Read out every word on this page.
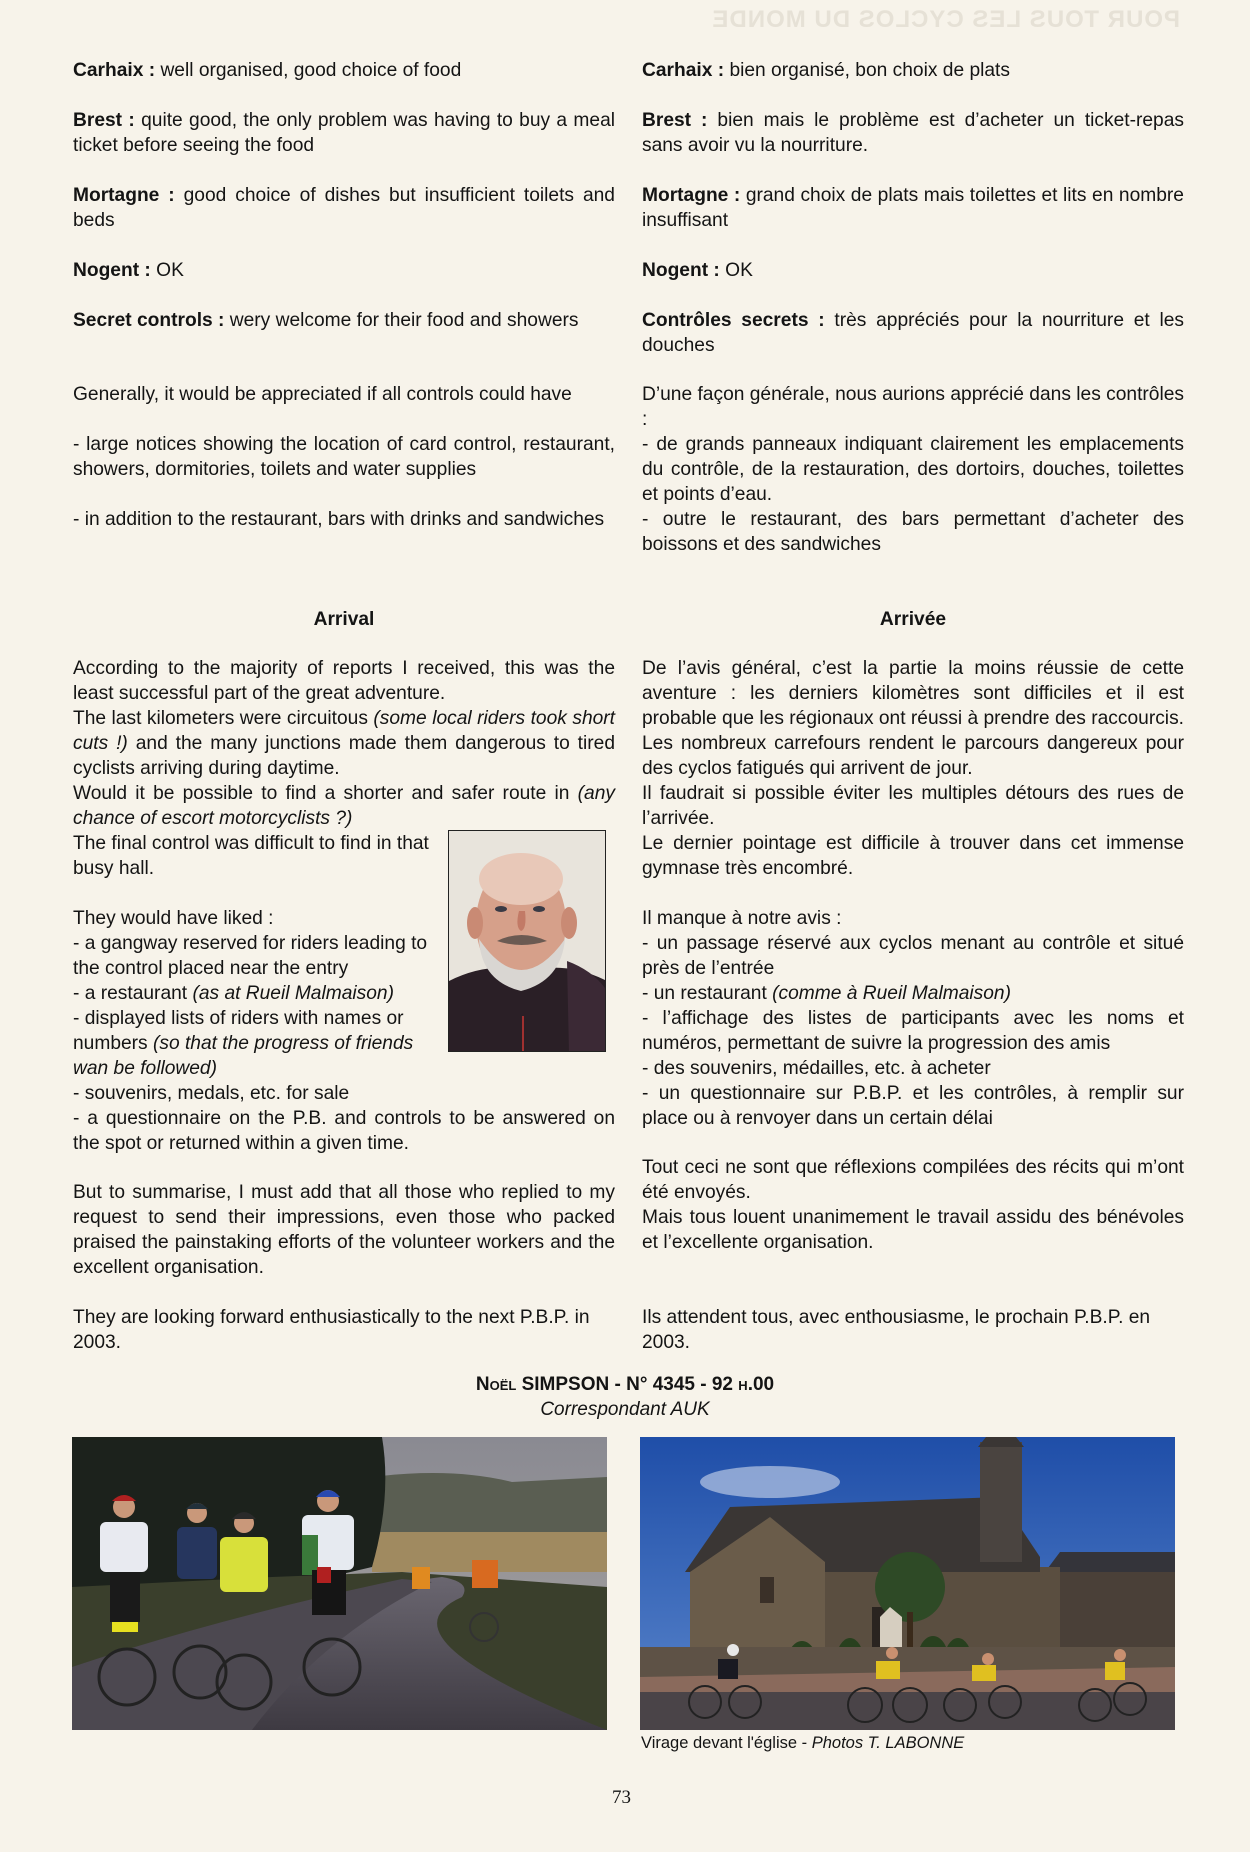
POUR TOUS LES CYCLOS DU MONDE

Carhaix : well organised, good choice of food

Brest : quite good, the only problem was having to buy a meal ticket before seeing the food

Mortagne : good choice of dishes but insufficient toilets and beds

Nogent : OK

Secret controls : wery welcome for their food and showers

Generally, it would be appreciated if all controls could have

- large notices showing the location of card control, restaurant, showers, dormitories, toilets and water supplies

- in addition to the restaurant, bars with drinks and sandwiches

Arrival

According to the majority of reports I received, this was the least successful part of the great adventure.

The last kilometers were circuitous (some local riders took short cuts !) and the many junctions made them dangerous to tired cyclists arriving during daytime.

Would it be possible to find a shorter and safer route in (any chance of escort motorcyclists ?)

The final control was difficult to find in that busy hall.

They would have liked :
- a gangway reserved for riders leading to the control placed near the entry
- a restaurant (as at Rueil Malmaison)
- displayed lists of riders with names or numbers (so that the progress of friends wan be followed)

- souvenirs, medals, etc. for sale

- a questionnaire on the P.B. and controls to be answered on the spot or returned within a given time.

But to summarise, I must add that all those who replied to my request to send their impressions, even those who packed praised the painstaking efforts of the volunteer workers and the excellent organisation.

They are looking forward enthusiastically to the next P.B.P. in 2003.

Carhaix : bien organisé, bon choix de plats

Brest : bien mais le problème est d’acheter un ticket-repas sans avoir vu la nourriture.

Mortagne : grand choix de plats mais toilettes et lits en nombre insuffisant

Nogent : OK

Contrôles secrets : très appréciés pour la nourriture et les douches

D’une façon générale, nous aurions apprécié dans les contrôles :

- de grands panneaux indiquant clairement les emplacements du contrôle, de la restauration, des dortoirs, douches, toilettes et points d’eau.

- outre le restaurant, des bars permettant d’acheter des boissons et des sandwiches

Arrivée

De l’avis général, c’est la partie la moins réussie de cette aventure : les derniers kilomètres sont difficiles et il est probable que les régionaux ont réussi à prendre des raccourcis. Les nombreux carrefours rendent le parcours dangereux pour des cyclos fatigués qui arrivent de jour.

Il faudrait si possible éviter les multiples détours des rues de l’arrivée.

Le dernier pointage est difficile à trouver dans cet immense gymnase très encombré.

Il manque à notre avis :

- un passage réservé aux cyclos menant au contrôle et situé près de l’entrée

- un restaurant (comme à Rueil Malmaison)

- l’affichage des listes de participants avec les noms et numéros, permettant de suivre la progression des amis

- des souvenirs, médailles, etc. à acheter

- un questionnaire sur P.B.P. et les contrôles, à remplir sur place ou à renvoyer dans un certain délai

Tout ceci ne sont que réflexions compilées des récits qui m’ont été envoyés.

Mais tous louent unanimement le travail assidu des bénévoles et l’excellente organisation.

Ils attendent tous, avec enthousiasme, le prochain P.B.P. en 2003.

Noël SIMPSON - N° 4345 - 92 h.00
Correspondant AUK
Virage devant l'église - Photos T. LABONNE
73
